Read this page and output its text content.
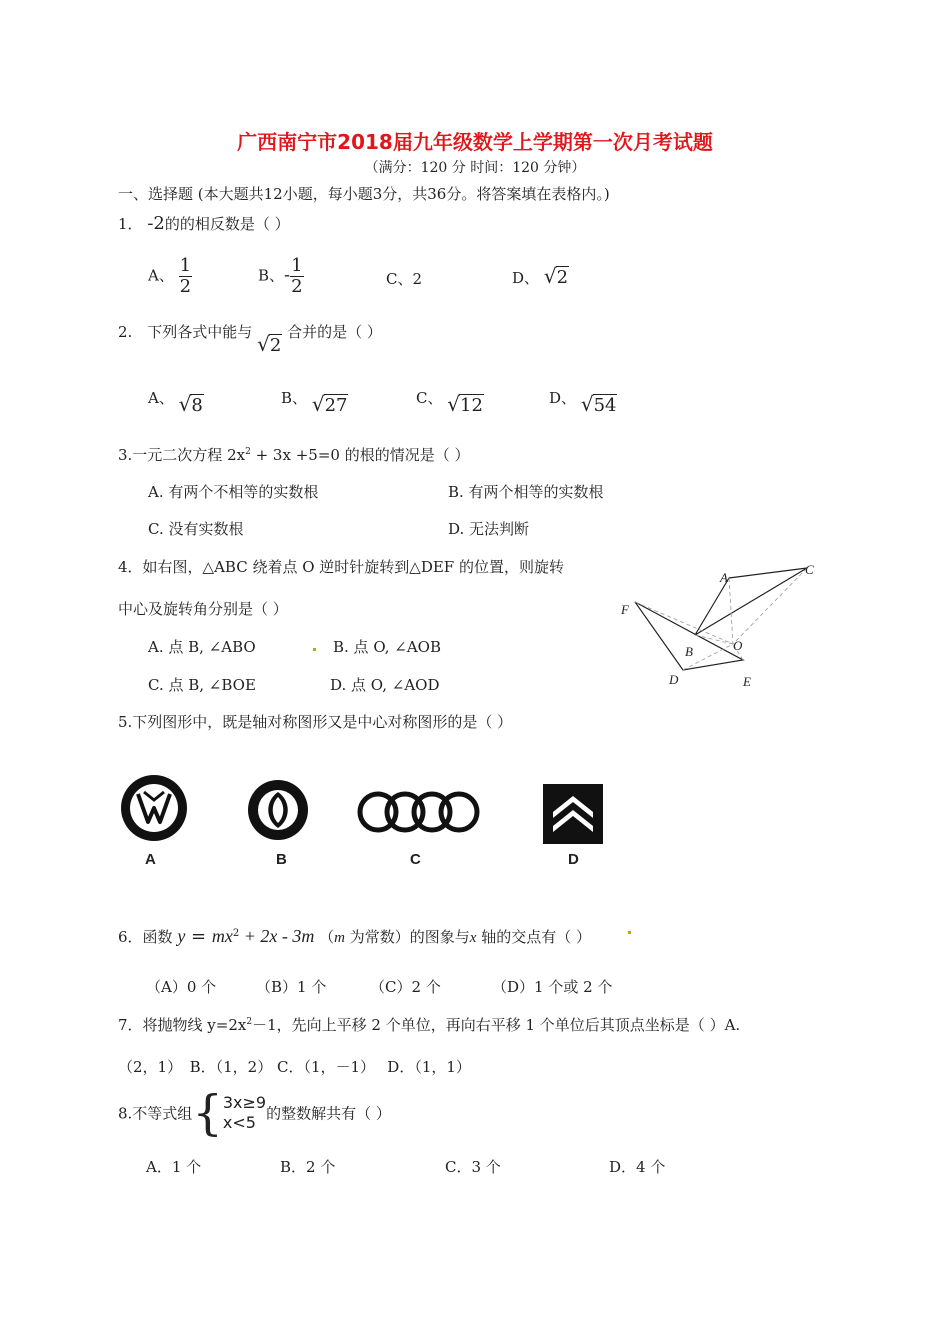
广西南宁市2018届九年级数学上学期第一次月考试题
（满分：120 分 时间：120 分钟）
一、选择题 (本大题共12小题，每小题3分，共36分。将答案填在表格内。)
1． -2的的相反数是（ ）
A、 $\frac{1}{2}$	B、- $\frac{1}{2}$	C、2	D、 √ 2
2.　下列各式中能与 √ 2
合并的是（ ）
A、 √ 8	B、 √ 27	C、 √ 12	D、 √ 54
3.一元二次方程 $2x^2 + 3x +5=0$ 的根的情况是（ ）
A. 有两个不相等的实数根	B. 有两个相等的实数根
C. 没有实数根	D. 无法判断
4．如右图，△ABC 绕着点 O 逆时针旋转到△DEF 的位置，则旋转
中心及旋转角分别是（ ）
A. 点 B, ∠ABO	B. 点 O, ∠AOB
C. 点 B, ∠BOE	D. 点 O, ∠AOD
A
C
F
B	O
D	E
5.下列图形中，既是轴对称图形又是中心对称图形的是（ ）
A	B	C	D
6．函数 $y = mx^2 + 2x - 3m$ （m 为常数）的图象与x 轴的交点有（ ）
（A）0 个	（B）1 个	（C）2 个	（D）1 个或 2 个
7．将抛物线 $y=2x^2-1$，先向上平移 2 个单位，再向右平移 1 个单位后其顶点坐标是（ ）A.
（2，1）　B．（1，2） C．（1，－1）　 D．（1，1）
8.不等式组{ 3x≥9
x<5 的整数解共有（ ）
A．1 个	B．2 个	C．3 个	D．4 个
